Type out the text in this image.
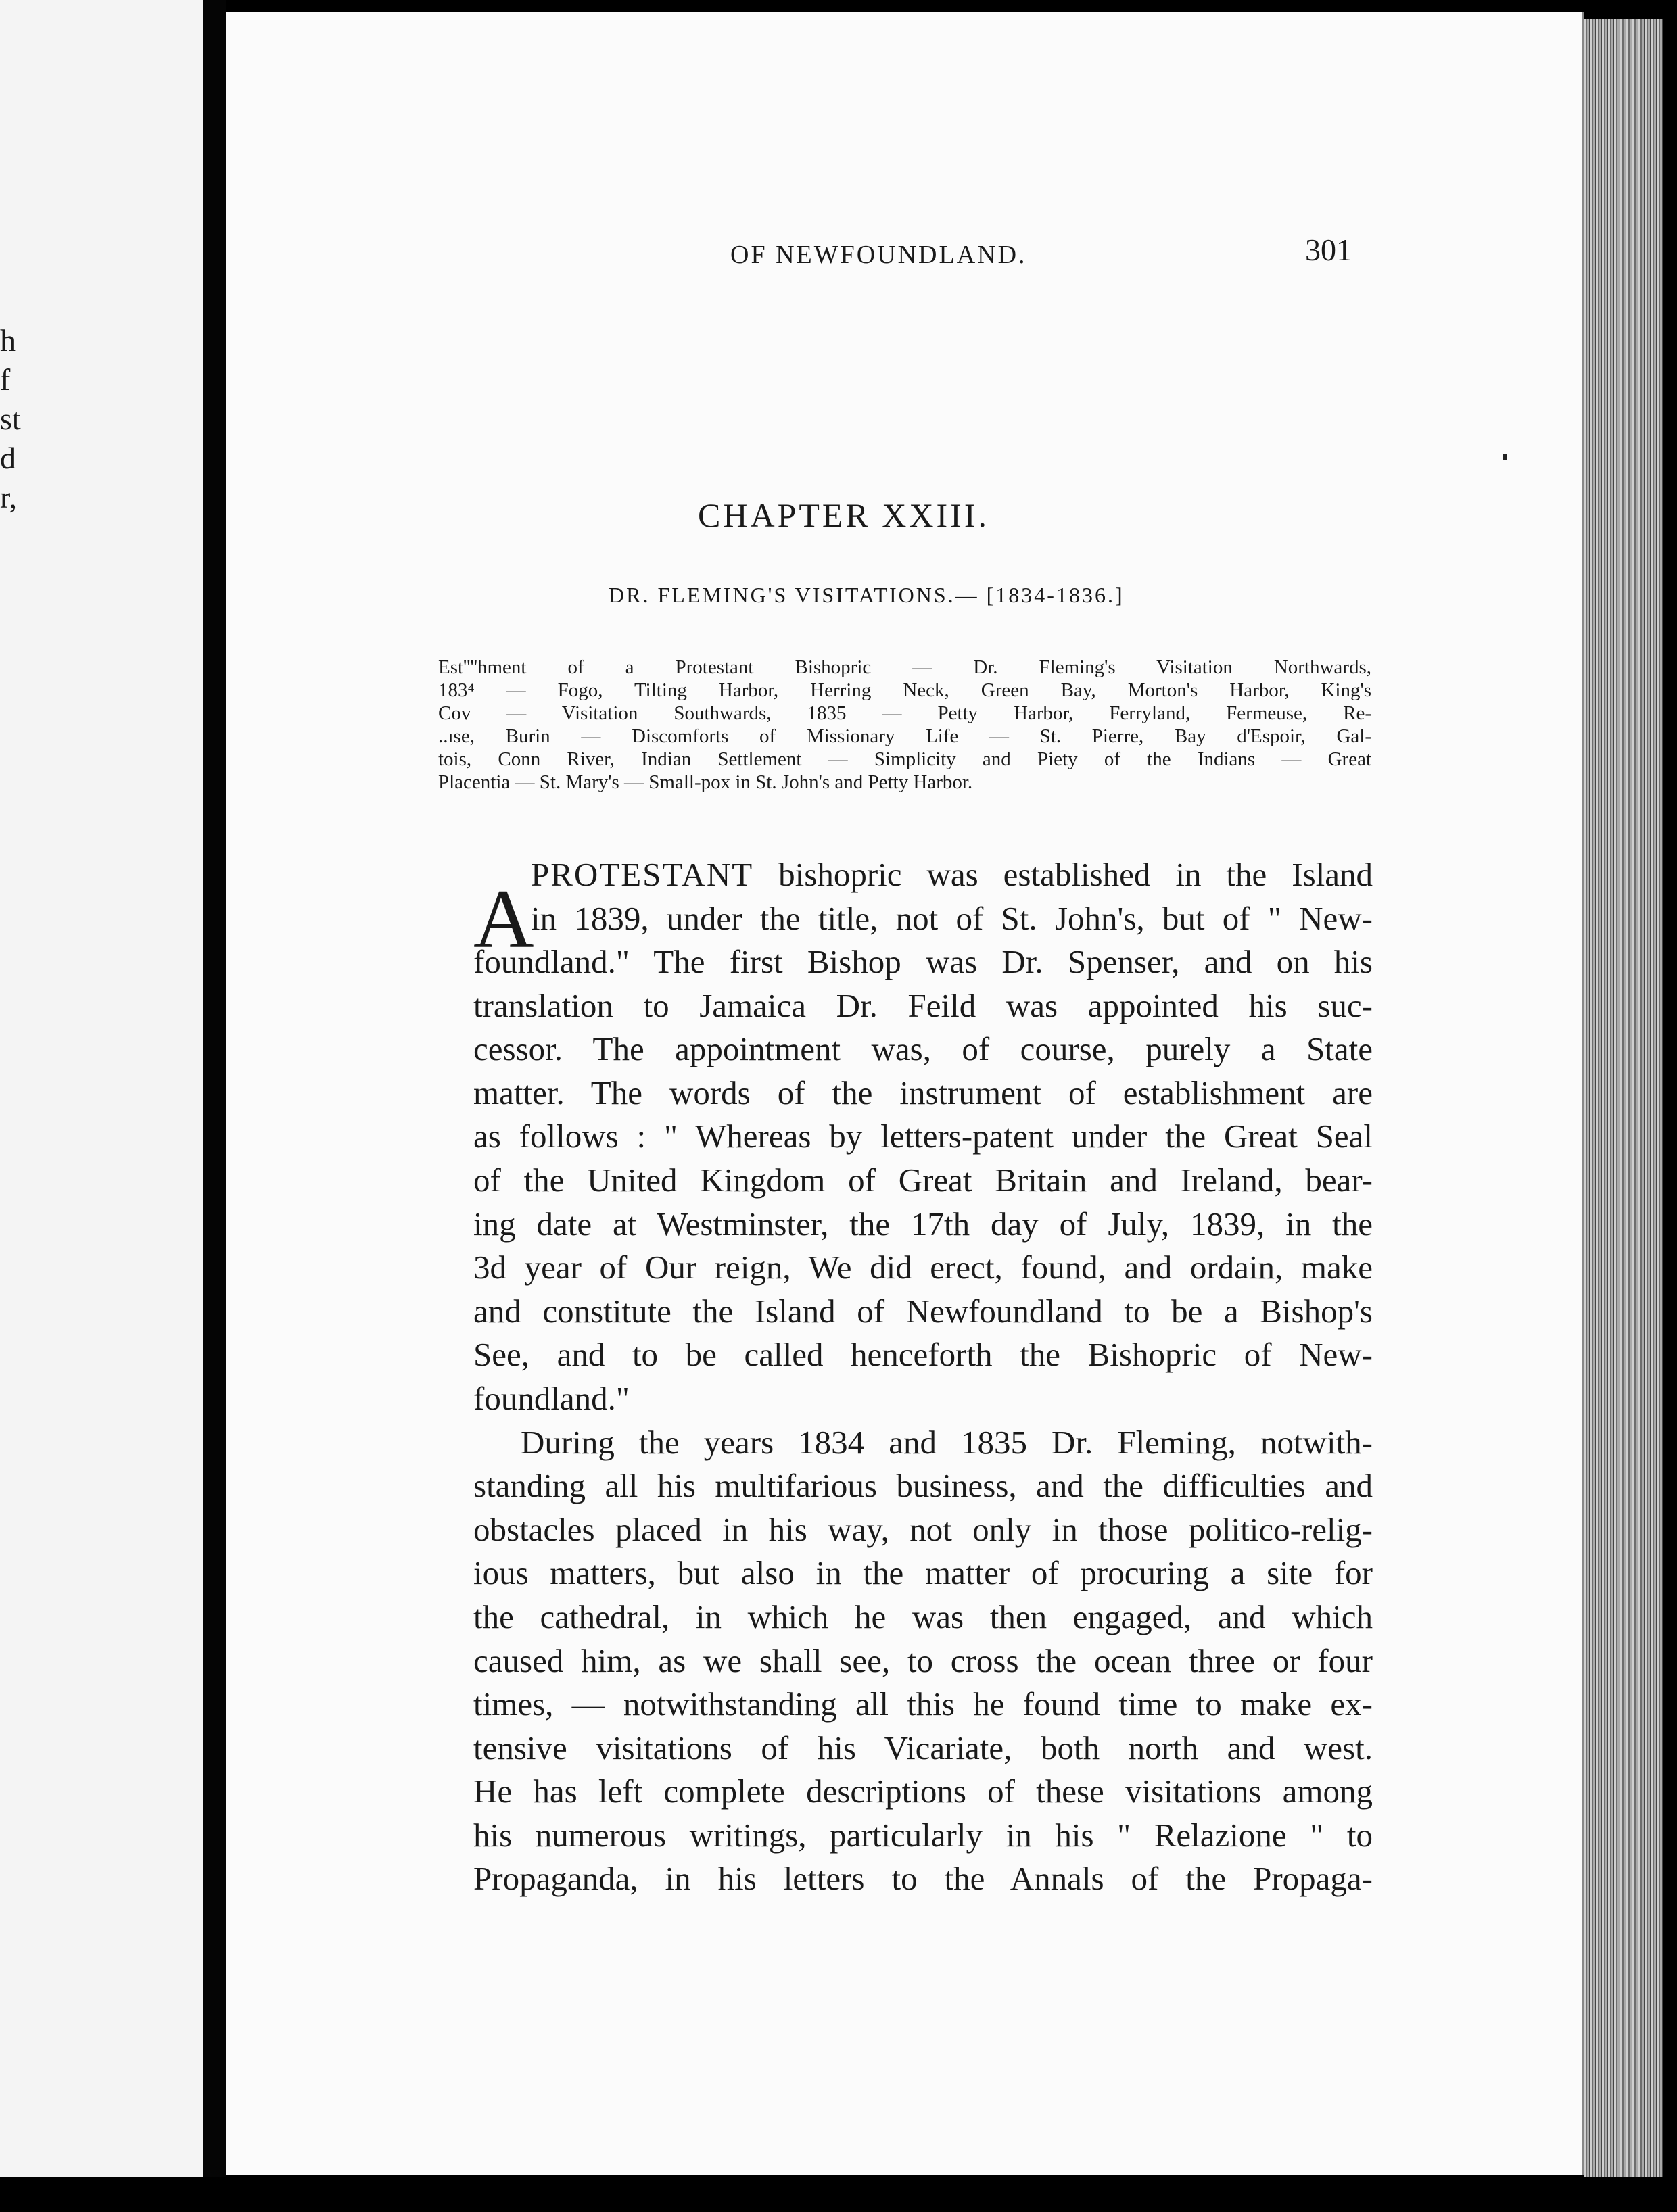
h
f
st
d
r,
OF NEWFOUNDLAND.	301
CHAPTER XXIII.
DR. FLEMING'S VISITATIONS.— [1834-1836.]
Est''''hment of a Protestant Bishopric — Dr. Fleming's Visitation Northwards,
183⁴ — Fogo, Tilting Harbor, Herring Neck, Green Bay, Morton's Harbor, King's
Cov — Visitation Southwards, 1835 — Petty Harbor, Ferryland, Fermeuse, Re-
..ıse, Burin — Discomforts of Missionary Life — St. Pierre, Bay d'Espoir, Gal-
tois, Conn River, Indian Settlement — Simplicity and Piety of the Indians — Great
Placentia — St. Mary's — Small-pox in St. John's and Petty Harbor.
A
PROTESTANT bishopric was established in the Island
in 1839, under the title, not of St. John's, but of " New-
foundland." The first Bishop was Dr. Spenser, and on his
translation to Jamaica Dr. Feild was appointed his suc-
cessor. The appointment was, of course, purely a State
matter. The words of the instrument of establishment are
as follows : " Whereas by letters-patent under the Great Seal
of the United Kingdom of Great Britain and Ireland, bear-
ing date at Westminster, the 17th day of July, 1839, in the
3d year of Our reign, We did erect, found, and ordain, make
and constitute the Island of Newfoundland to be a Bishop's
See, and to be called henceforth the Bishopric of New-
foundland."
During the years 1834 and 1835 Dr. Fleming, notwith-
standing all his multifarious business, and the difficulties and
obstacles placed in his way, not only in those politico-relig-
ious matters, but also in the matter of procuring a site for
the cathedral, in which he was then engaged, and which
caused him, as we shall see, to cross the ocean three or four
times, — notwithstanding all this he found time to make ex-
tensive visitations of his Vicariate, both north and west.
He has left complete descriptions of these visitations among
his numerous writings, particularly in his " Relazione " to
Propaganda, in his letters to the Annals of the Propaga-
